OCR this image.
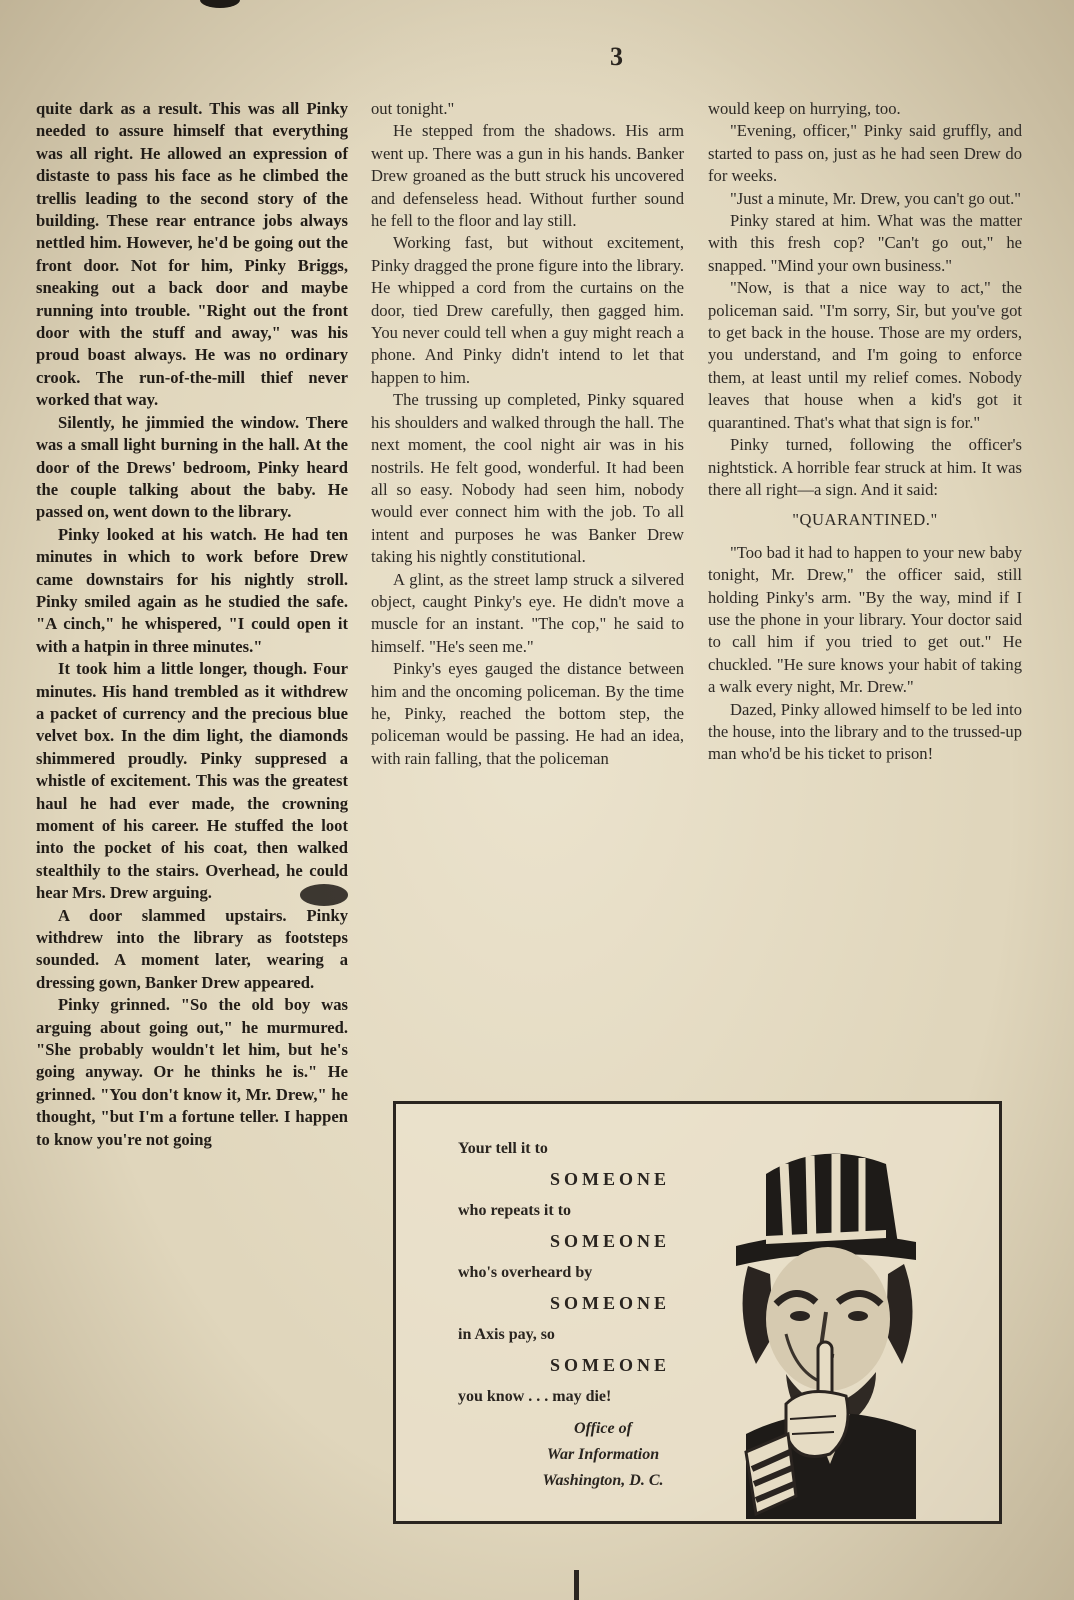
3

quite dark as a result. This was all Pinky needed to assure himself that everything was all right. He allowed an expression of distaste to pass his face as he climbed the trellis leading to the second story of the building. These rear entrance jobs always nettled him. However, he'd be going out the front door. Not for him, Pinky Briggs, sneaking out a back door and maybe running into trouble. "Right out the front door with the stuff and away," was his proud boast always. He was no ordinary crook. The run-of-the-mill thief never worked that way.

Silently, he jimmied the window. There was a small light burning in the hall. At the door of the Drews' bedroom, Pinky heard the couple talking about the baby. He passed on, went down to the library.

Pinky looked at his watch. He had ten minutes in which to work before Drew came downstairs for his nightly stroll. Pinky smiled again as he studied the safe. "A cinch," he whispered, "I could open it with a hatpin in three minutes."

It took him a little longer, though. Four minutes. His hand trembled as it withdrew a packet of currency and the precious blue velvet box. In the dim light, the diamonds shimmered proudly. Pinky suppresed a whistle of excitement. This was the greatest haul he had ever made, the crowning moment of his career. He stuffed the loot into the pocket of his coat, then walked stealthily to the stairs. Overhead, he could hear Mrs. Drew arguing.

A door slammed upstairs. Pinky withdrew into the library as footsteps sounded. A moment later, wearing a dressing gown, Banker Drew appeared.

Pinky grinned. "So the old boy was arguing about going out," he murmured. "She probably wouldn't let him, but he's going anyway. Or he thinks he is." He grinned. "You don't know it, Mr. Drew," he thought, "but I'm a fortune teller. I happen to know you're not going

out tonight."

He stepped from the shadows. His arm went up. There was a gun in his hands. Banker Drew groaned as the butt struck his uncovered and defenseless head. Without further sound he fell to the floor and lay still.

Working fast, but without excitement, Pinky dragged the prone figure into the library. He whipped a cord from the curtains on the door, tied Drew carefully, then gagged him. You never could tell when a guy might reach a phone. And Pinky didn't intend to let that happen to him.

The trussing up completed, Pinky squared his shoulders and walked through the hall. The next moment, the cool night air was in his nostrils. He felt good, wonderful. It had been all so easy. Nobody had seen him, nobody would ever connect him with the job. To all intent and purposes he was Banker Drew taking his nightly constitutional.

A glint, as the street lamp struck a silvered object, caught Pinky's eye. He didn't move a muscle for an instant. "The cop," he said to himself. "He's seen me."

Pinky's eyes gauged the distance between him and the oncoming policeman. By the time he, Pinky, reached the bottom step, the policeman would be passing. He had an idea, with rain falling, that the policeman

would keep on hurrying, too.

"Evening, officer," Pinky said gruffly, and started to pass on, just as he had seen Drew do for weeks.

"Just a minute, Mr. Drew, you can't go out."

Pinky stared at him. What was the matter with this fresh cop? "Can't go out," he snapped. "Mind your own business."

"Now, is that a nice way to act," the policeman said. "I'm sorry, Sir, but you've got to get back in the house. Those are my orders, you understand, and I'm going to enforce them, at least until my relief comes. Nobody leaves that house when a kid's got it quarantined. That's what that sign is for."

Pinky turned, following the officer's nightstick. A horrible fear struck at him. It was there all right—a sign. And it said:

"QUARANTINED."

"Too bad it had to happen to your new baby tonight, Mr. Drew," the officer said, still holding Pinky's arm. "By the way, mind if I use the phone in your library. Your doctor said to call him if you tried to get out." He chuckled. "He sure knows your habit of taking a walk every night, Mr. Drew."

Dazed, Pinky allowed himself to be led into the house, into the library and to the trussed-up man who'd be his ticket to prison!

Your tell it to

SOMEONE

who repeats it to

SOMEONE

who's overheard by

SOMEONE

in Axis pay, so

SOMEONE

you know . . . may die!

Office of

War Information

Washington, D. C.
